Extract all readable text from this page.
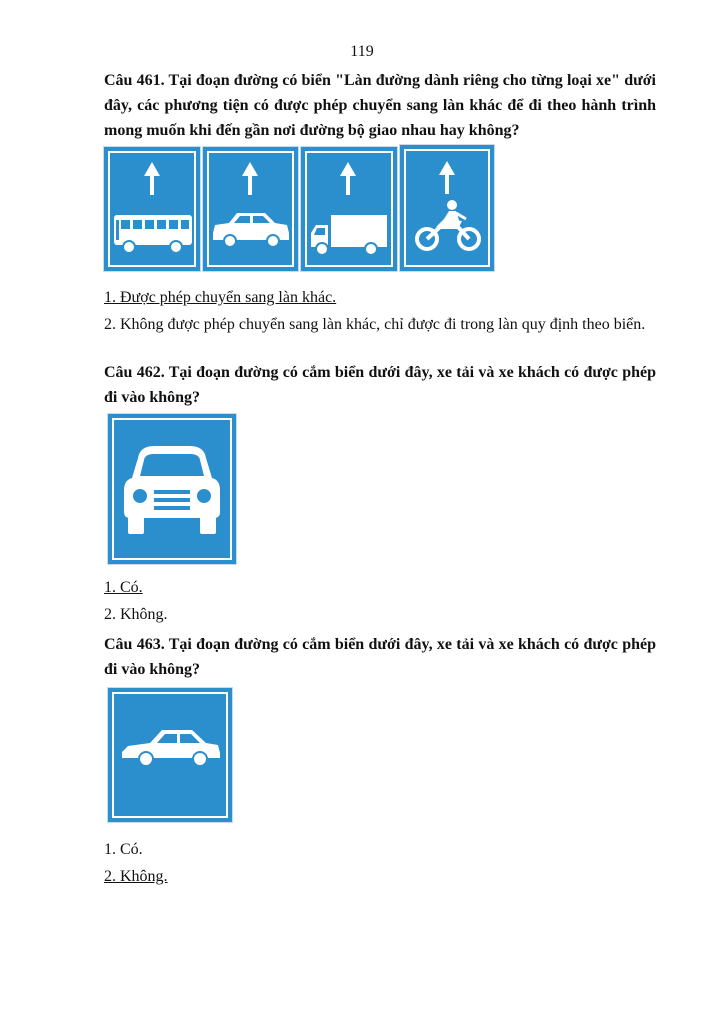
119
Câu 461. Tại đoạn đường có biển "Làn đường dành riêng cho từng loại xe" dưới đây, các phương tiện có được phép chuyển sang làn khác để đi theo hành trình mong muốn khi đến gần nơi đường bộ giao nhau hay không?
1. Được phép chuyển sang làn khác.
2. Không được phép chuyển sang làn khác, chỉ được đi trong làn quy định theo biển.
Câu 462. Tại đoạn đường có cắm biển dưới đây, xe tải và xe khách có được phép đi vào không?
1. Có.
2. Không.
Câu 463. Tại đoạn đường có cắm biển dưới đây, xe tải và xe khách có được phép đi vào không?
1. Có.
2. Không.
